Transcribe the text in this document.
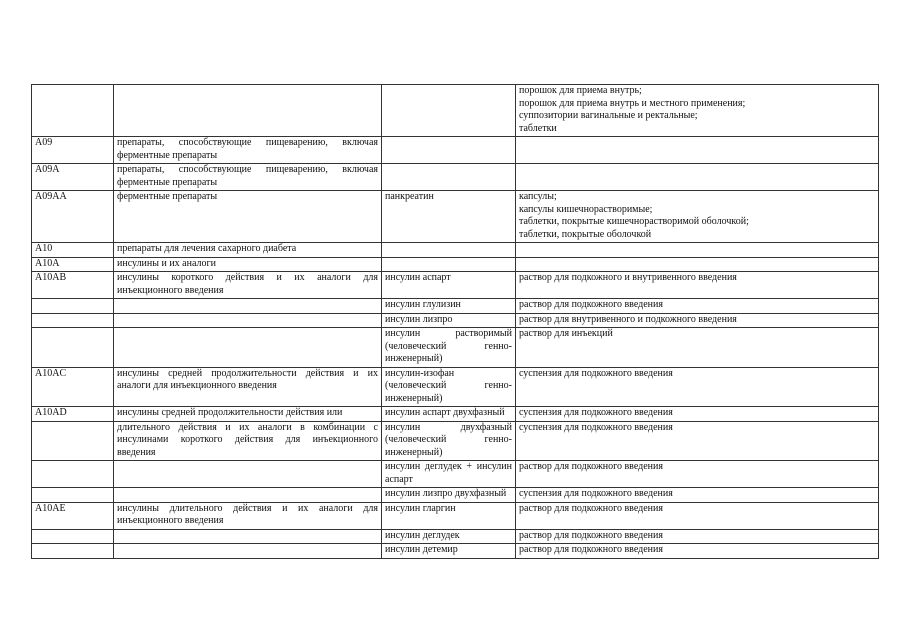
			порошок для приема внутрь;
порошок для приема внутрь и местного применения;
суппозитории вагинальные и ректальные;
таблетки
A09	препараты, способствующие пищеварению, включая ферментные препараты		
A09A	препараты, способствующие пищеварению, включая ферментные препараты		
A09AA	ферментные препараты	панкреатин	капсулы;
капсулы кишечнорастворимые;
таблетки, покрытые кишечнорастворимой оболочкой;
таблетки, покрытые оболочкой
A10	препараты для лечения сахарного диабета		
A10A	инсулины и их аналоги		
A10AB	инсулины короткого действия и их аналоги для инъекционного введения	инсулин аспарт	раствор для подкожного и внутривенного введения
		инсулин глулизин	раствор для подкожного введения
		инсулин лизпро	раствор для внутривенного и подкожного введения
		инсулин растворимый (человеческий генно-инженерный)	раствор для инъекций
A10AC	инсулины средней продолжительности действия и их аналоги для инъекционного введения	инсулин-изофан (человеческий генно-инженерный)	суспензия для подкожного введения
A10AD	инсулины средней продолжительности действия или	инсулин аспарт двухфазный	суспензия для подкожного введения
	длительного действия и их аналоги в комбинации с инсулинами короткого действия для инъекционного введения	инсулин двухфазный (человеческий генно-инженерный)	суспензия для подкожного введения
		инсулин деглудек + инсулин аспарт	раствор для подкожного введения
		инсулин лизпро двухфазный	суспензия для подкожного введения
A10AE	инсулины длительного действия и их аналоги для инъекционного введения	инсулин гларгин	раствор для подкожного введения
		инсулин деглудек	раствор для подкожного введения
		инсулин детемир	раствор для подкожного введения
